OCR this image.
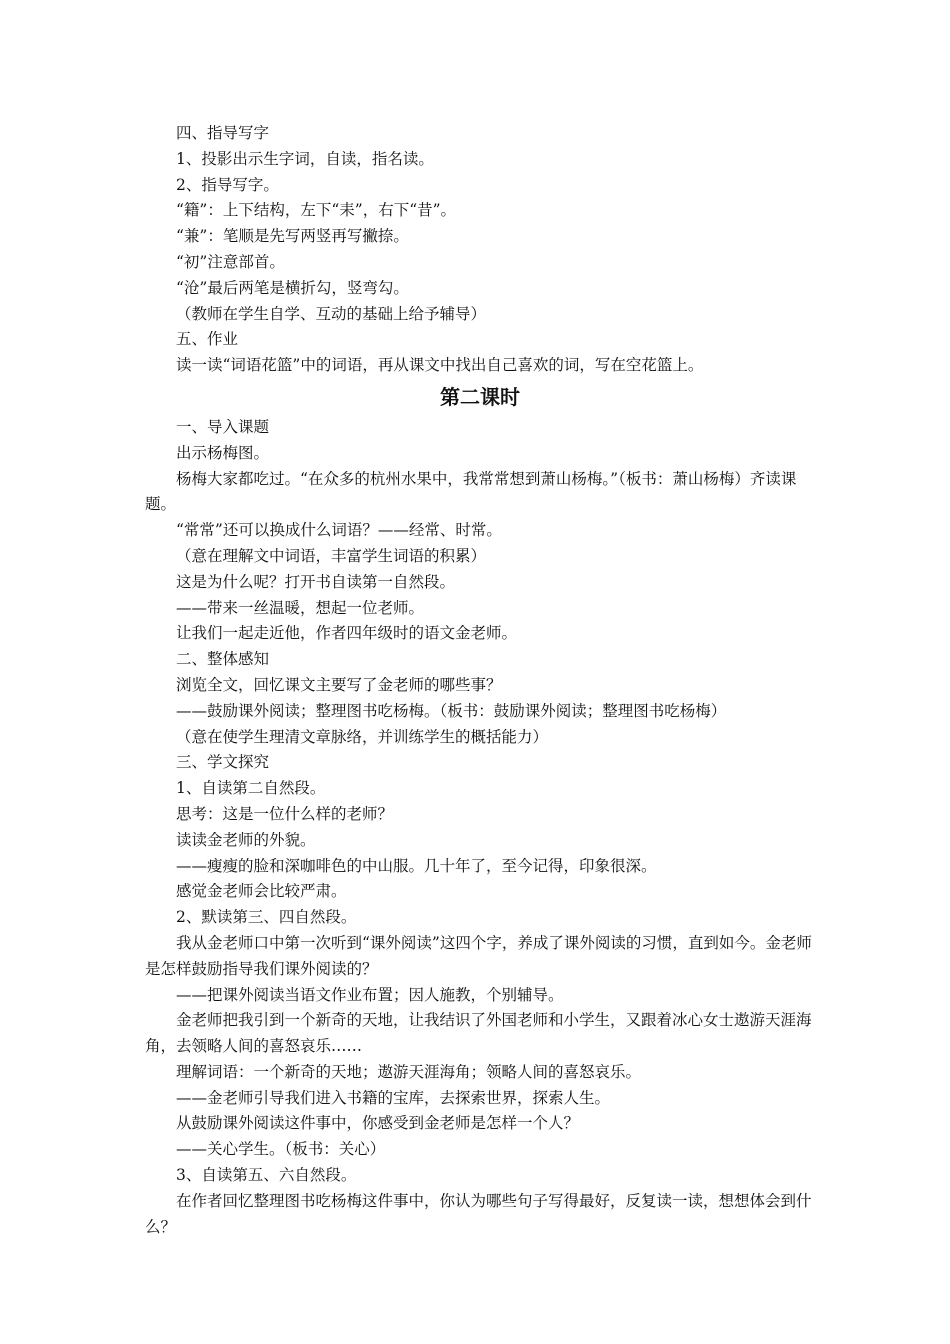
四、指导写字

1、投影出示生字词，自读，指名读。

2、指导写字。

“籍”：上下结构，左下“耒”，右下“昔”。

“兼”：笔顺是先写两竖再写撇捺。

“初”注意部首。

“沧”最后两笔是横折勾，竖弯勾。

（教师在学生自学、互动的基础上给予辅导）

五、作业

读一读“词语花篮”中的词语，再从课文中找出自己喜欢的词，写在空花篮上。

第二课时

一、导入课题

出示杨梅图。

杨梅大家都吃过。“在众多的杭州水果中，我常常想到萧山杨梅。”（板书：萧山杨梅）齐读课题。

“常常”还可以换成什么词语？——经常、时常。

（意在理解文中词语，丰富学生词语的积累）

这是为什么呢？打开书自读第一自然段。

——带来一丝温暖，想起一位老师。

让我们一起走近他，作者四年级时的语文金老师。

二、整体感知

浏览全文，回忆课文主要写了金老师的哪些事？

——鼓励课外阅读；整理图书吃杨梅。（板书：鼓励课外阅读；整理图书吃杨梅）

（意在使学生理清文章脉络，并训练学生的概括能力）

三、学文探究

1、自读第二自然段。

思考：这是一位什么样的老师？

读读金老师的外貌。

——瘦瘦的脸和深咖啡色的中山服。几十年了，至今记得，印象很深。

感觉金老师会比较严肃。

2、默读第三、四自然段。

我从金老师口中第一次听到“课外阅读”这四个字，养成了课外阅读的习惯，直到如今。金老师是怎样鼓励指导我们课外阅读的？

——把课外阅读当语文作业布置；因人施教，个别辅导。

金老师把我引到一个新奇的天地，让我结识了外国老师和小学生，又跟着冰心女士遨游天涯海角，去领略人间的喜怒哀乐……

理解词语：一个新奇的天地；遨游天涯海角；领略人间的喜怒哀乐。

——金老师引导我们进入书籍的宝库，去探索世界，探索人生。

从鼓励课外阅读这件事中，你感受到金老师是怎样一个人？

——关心学生。（板书：关心）

3、自读第五、六自然段。

在作者回忆整理图书吃杨梅这件事中，你认为哪些句子写得最好，反复读一读，想想体会到什么？
